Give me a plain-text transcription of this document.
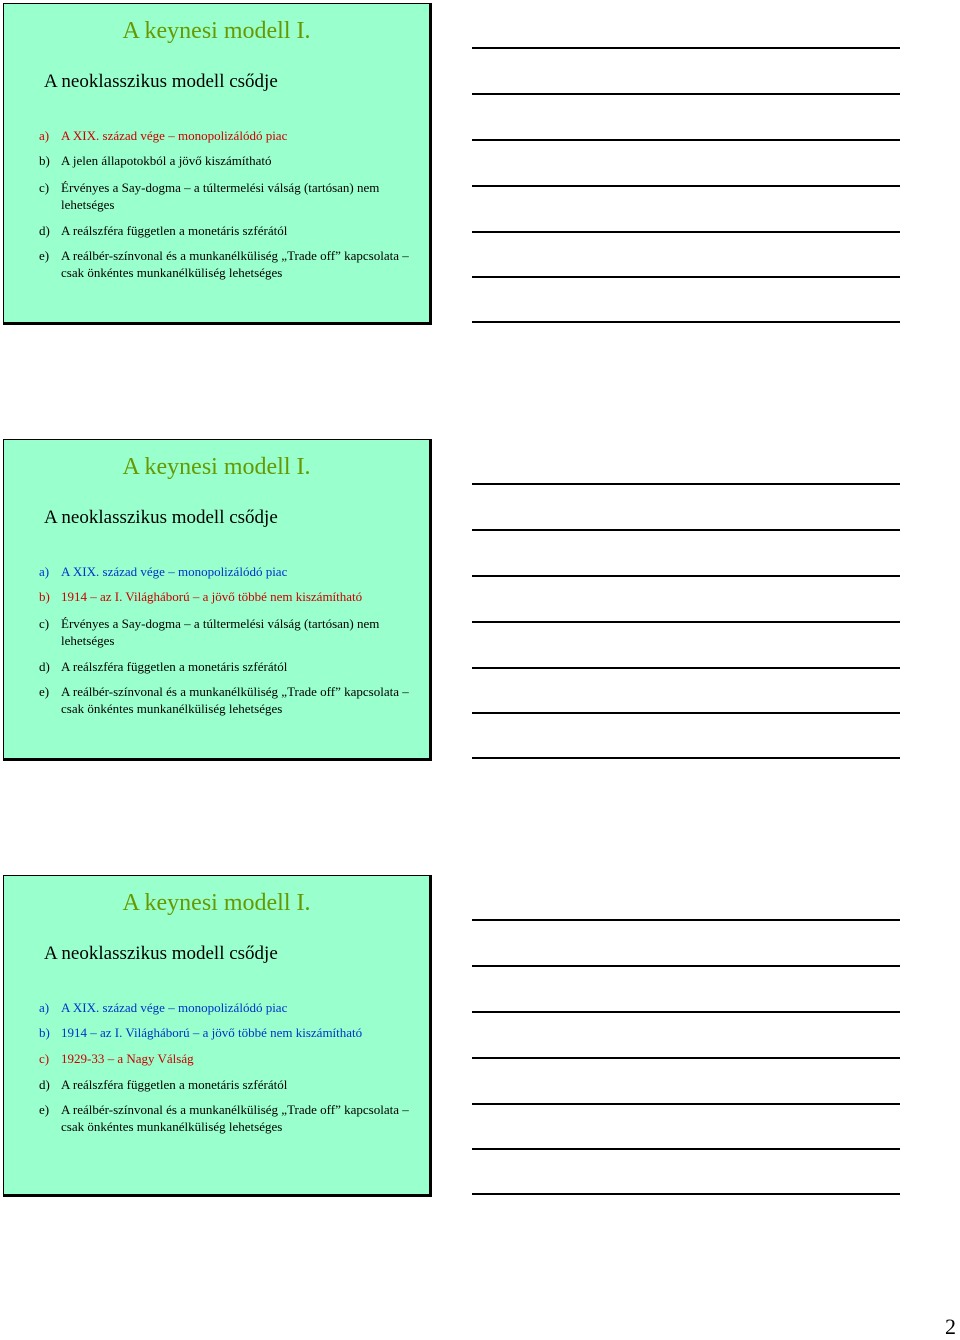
A keynesi modell I.
A neoklasszikus modell csődje
a) A XIX. század vége – monopolizálódó piac
b) A jelen állapotokból a jövő kiszámítható
c) Érvényes a Say-dogma – a túltermelési válság (tartósan) nem lehetséges
d) A reálszféra független a monetáris szférától
e) A reálbér-színvonal és a munkanélküliség „Trade off” kapcsolata – csak önkéntes munkanélküliség lehetséges
A keynesi modell I.
A neoklasszikus modell csődje
a) A XIX. század vége – monopolizálódó piac
b) 1914 – az I. Világháború – a jövő többé nem kiszámítható
c) Érvényes a Say-dogma – a túltermelési válság (tartósan) nem lehetséges
d) A reálszféra független a monetáris szférától
e) A reálbér-színvonal és a munkanélküliség „Trade off” kapcsolata – csak önkéntes munkanélküliség lehetséges
A keynesi modell I.
A neoklasszikus modell csődje
a) A XIX. század vége – monopolizálódó piac
b) 1914 – az I. Világháború – a jövő többé nem kiszámítható
c) 1929-33 – a Nagy Válság
d) A reálszféra független a monetáris szférától
e) A reálbér-színvonal és a munkanélküliség „Trade off” kapcsolata – csak önkéntes munkanélküliség lehetséges
2
